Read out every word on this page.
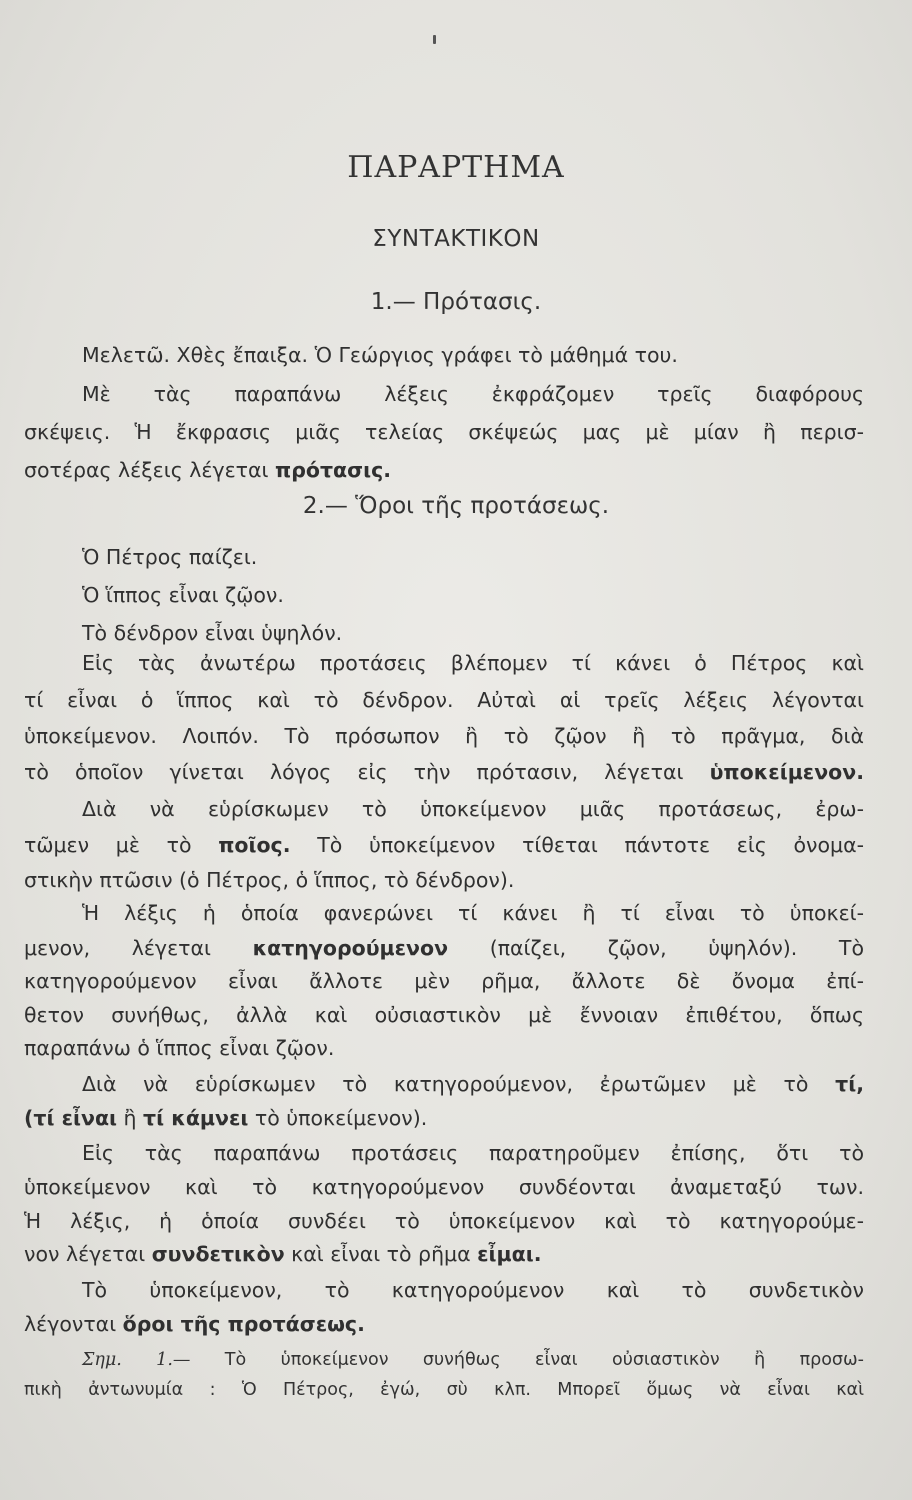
ΠΑΡΑΡΤΗΜΑ
ΣΥΝΤΑΚΤΙΚΟΝ
1.— Πρότασις.
Μελετῶ. Χθὲς ἔπαιξα. Ὁ Γεώργιος γράφει τὸ μάθημά του.
Μὲ τὰς παραπάνω λέξεις ἐκφράζομεν τρεῖς διαφόρους
σκέψεις. Ἡ ἔκφρασις μιᾶς τελείας σκέψεώς μας μὲ μίαν ἢ περισ-
σοτέρας λέξεις λέγεται πρότασις.
2.— Ὅροι τῆς προτάσεως.
Ὁ Πέτρος παίζει.
Ὁ ἵππος εἶναι ζῷον.
Τὸ δένδρον εἶναι ὑψηλόν.
Εἰς τὰς ἀνωτέρω προτάσεις βλέπομεν τί κάνει ὁ Πέτρος καὶ
τί εἶναι ὁ ἵππος καὶ τὸ δένδρον. Αὐταὶ αἱ τρεῖς λέξεις λέγονται
ὑποκείμενον. Λοιπόν. Τὸ πρόσωπον ἢ τὸ ζῷον ἢ τὸ πρᾶγμα, διὰ
τὸ ὁποῖον γίνεται λόγος εἰς τὴν πρότασιν, λέγεται ὑποκείμενον.
Διὰ νὰ εὑρίσκωμεν τὸ ὑποκείμενον μιᾶς προτάσεως, ἐρω-
τῶμεν μὲ τὸ ποῖος. Τὸ ὑποκείμενον τίθεται πάντοτε εἰς ὀνομα-
στικὴν πτῶσιν (ὁ Πέτρος, ὁ ἵππος, τὸ δένδρον).
Ἡ λέξις ἡ ὁποία φανερώνει τί κάνει ἢ τί εἶναι τὸ ὑποκεί-
μενον, λέγεται κατηγορούμενον (παίζει, ζῷον, ὑψηλόν). Τὸ
κατηγορούμενον εἶναι ἄλλοτε μὲν ρῆμα, ἄλλοτε δὲ ὄνομα ἐπί-
θετον συνήθως, ἀλλὰ καὶ οὐσιαστικὸν μὲ ἔννοιαν ἐπιθέτου, ὅπως
παραπάνω ὁ ἵππος εἶναι ζῷον.
Διὰ νὰ εὑρίσκωμεν τὸ κατηγορούμενον, ἐρωτῶμεν μὲ τὸ τί,
(τί εἶναι ἢ τί κάμνει τὸ ὑποκείμενον).
Εἰς τὰς παραπάνω προτάσεις παρατηροῦμεν ἐπίσης, ὅτι τὸ
ὑποκείμενον καὶ τὸ κατηγορούμενον συνδέονται ἀναμεταξύ των.
Ἡ λέξις, ἡ ὁποία συνδέει τὸ ὑποκείμενον καὶ τὸ κατηγορούμε-
νον λέγεται συνδετικὸν καὶ εἶναι τὸ ρῆμα εἶμαι.
Τὸ ὑποκείμενον, τὸ κατηγορούμενον καὶ τὸ συνδετικὸν
λέγονται ὅροι τῆς προτάσεως.
Σημ. 1.— Τὸ ὑποκείμενον συνήθως εἶναι οὐσιαστικὸν ἢ προσω-
πικὴ ἀντωνυμία : Ὁ Πέτρος, ἐγώ, σὺ κλπ. Μπορεῖ ὅμως νὰ εἶναι καὶ
